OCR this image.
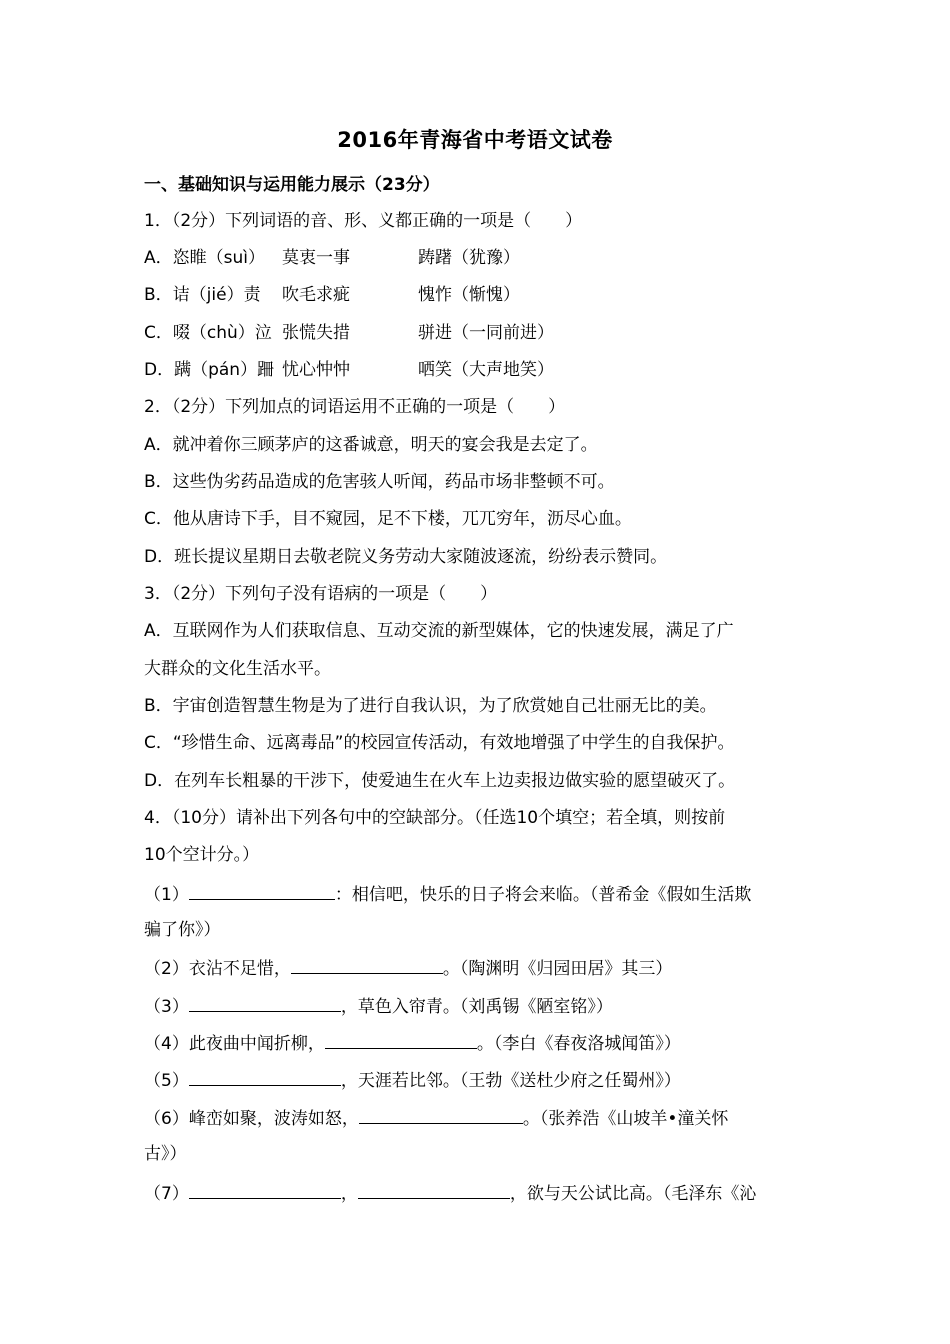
2016年青海省中考语文试卷
一、基础知识与运用能力展示（23分）
1．（2分）下列词语的音、形、义都正确的一项是（　　）
A．恣睢（suì） 莫衷一事	踌躇（犹豫）
B．诘（jié）责 吹毛求疵	愧怍（惭愧）
C．啜（chù）泣 张慌失措	骈进（一同前进）
D．蹒（pán）跚 忧心忡忡	哂笑（大声地笑）
2．（2分）下列加点的词语运用不正确的一项是（　　）
A．就冲着你三顾茅庐的这番诚意，明天的宴会我是去定了。
B．这些伪劣药品造成的危害骇人听闻，药品市场非整顿不可。
C．他从唐诗下手，目不窥园，足不下楼，兀兀穷年，沥尽心血。
D．班长提议星期日去敬老院义务劳动大家随波逐流，纷纷表示赞同。
3．（2分）下列句子没有语病的一项是（　　）
A．互联网作为人们获取信息、互动交流的新型媒体，它的快速发展，满足了广
大群众的文化生活水平。
B．宇宙创造智慧生物是为了进行自我认识，为了欣赏她自己壮丽无比的美。
C．“珍惜生命、远离毒品”的校园宣传活动，有效地增强了中学生的自我保护。
D．在列车长粗暴的干涉下，使爱迪生在火车上边卖报边做实验的愿望破灭了。
4．（10分）请补出下列各句中的空缺部分。（任选10个填空；若全填，则按前
10个空计分。）
（1）	：相信吧，快乐的日子将会来临。（普希金《假如生活欺
骗了你》）
（2）衣沾不足惜，	。（陶渊明《归园田居》其三）
（3）	，草色入帘青。（刘禹锡《陋室铭》）
（4）此夜曲中闻折柳，	。（李白《春夜洛城闻笛》）
（5）	，天涯若比邻。（王勃《送杜少府之任蜀州》）
（6）峰峦如聚，波涛如怒，	。（张养浩《山坡羊•潼关怀
古》）
（7）	，	，欲与天公试比高。（毛泽东《沁
